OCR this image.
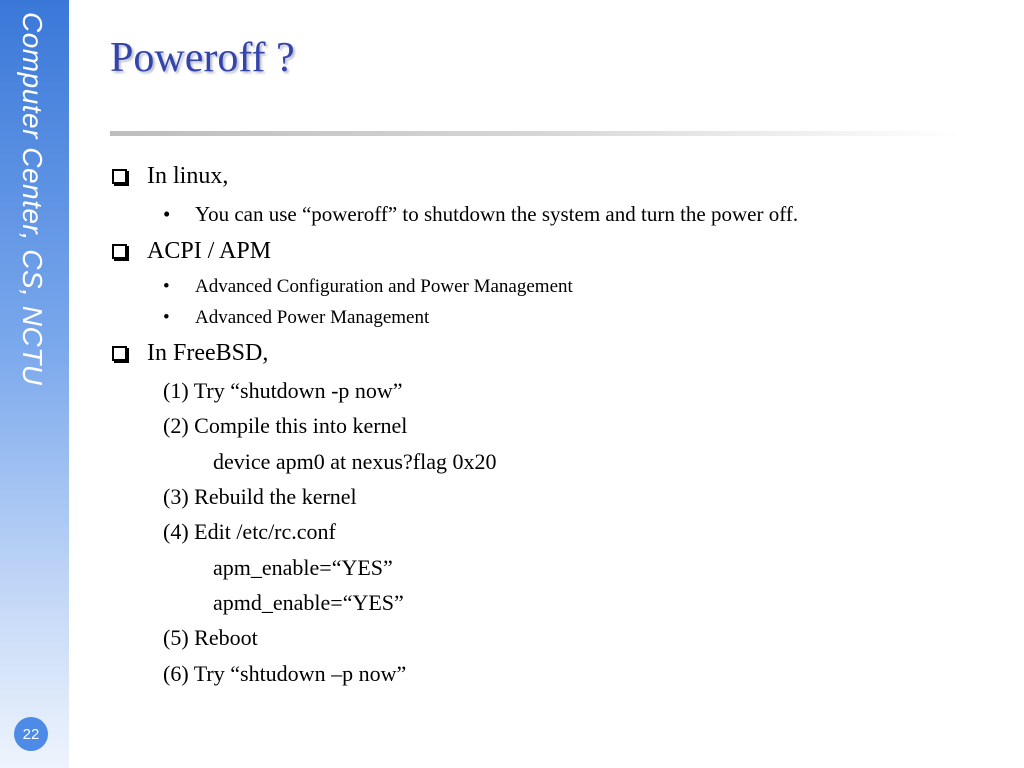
Computer Center, CS, NCTU
22
Poweroff ?
In linux,
•	You can use “poweroff” to shutdown the system and turn the power off.
ACPI / APM
•	Advanced Configuration and Power Management
•	Advanced Power Management
In FreeBSD,
(1) Try “shutdown -p now”
(2) Compile this into kernel
device apm0 at nexus?flag 0x20
(3) Rebuild the kernel
(4) Edit /etc/rc.conf
apm_enable=“YES”
apmd_enable=“YES”
(5) Reboot
(6) Try “shtudown –p now”
